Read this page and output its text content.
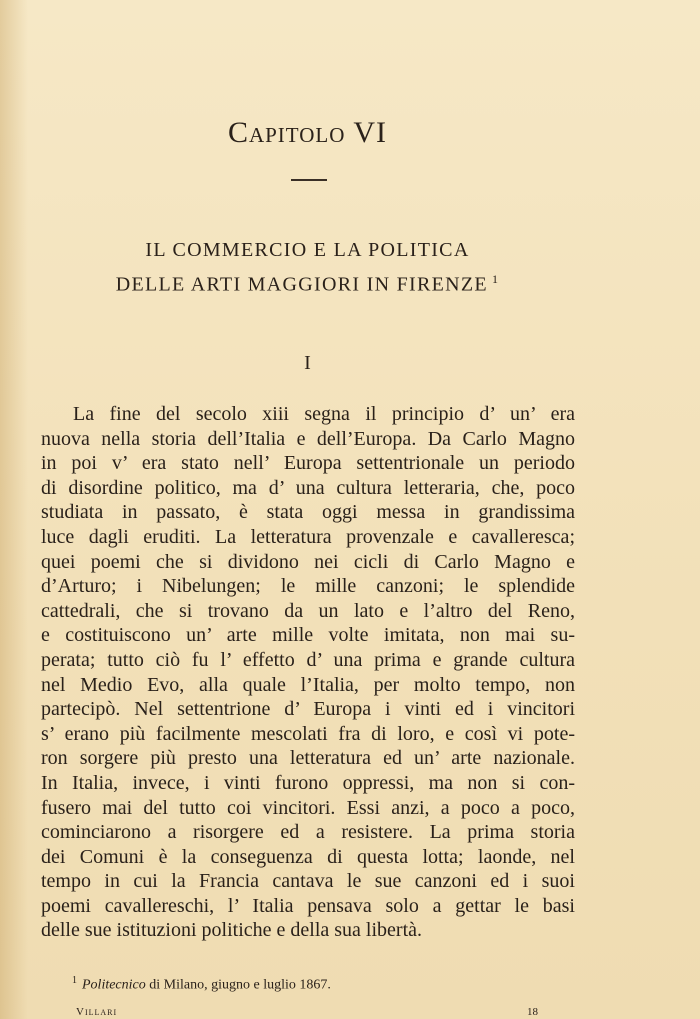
Capitolo VI
IL COMMERCIO E LA POLITICA
DELLE ARTI MAGGIORI IN FIRENZE $^1$
I
La fine del secolo xiii segna il principio d’ un’ era
nuova nella storia dell’Italia e dell’Europa. Da Carlo Magno
in poi v’ era stato nell’ Europa settentrionale un periodo
di disordine politico, ma d’ una cultura letteraria, che, poco
studiata in passato, è stata oggi messa in grandissima
luce dagli eruditi. La letteratura provenzale e cavalleresca;
quei poemi che si dividono nei cicli di Carlo Magno e
d’Arturo; i Nibelungen; le mille canzoni; le splendide
cattedrali, che si trovano da un lato e l’altro del Reno,
e costituiscono un’ arte mille volte imitata, non mai su-
perata; tutto ciò fu l’ effetto d’ una prima e grande cultura
nel Medio Evo, alla quale l’Italia, per molto tempo, non
partecipò. Nel settentrione d’ Europa i vinti ed i vincitori
s’ erano più facilmente mescolati fra di loro, e così vi pote-
ron sorgere più presto una letteratura ed un’ arte nazionale.
In Italia, invece, i vinti furono oppressi, ma non si con-
fusero mai del tutto coi vincitori. Essi anzi, a poco a poco,
cominciarono a risorgere ed a resistere. La prima storia
dei Comuni è la conseguenza di questa lotta; laonde, nel
tempo in cui la Francia cantava le sue canzoni ed i suoi
poemi cavallereschi, l’ Italia pensava solo a gettar le basi
delle sue istituzioni politiche e della sua libertà.
$^1$ Politecnico di Milano, giugno e luglio 1867.
Villari	18
